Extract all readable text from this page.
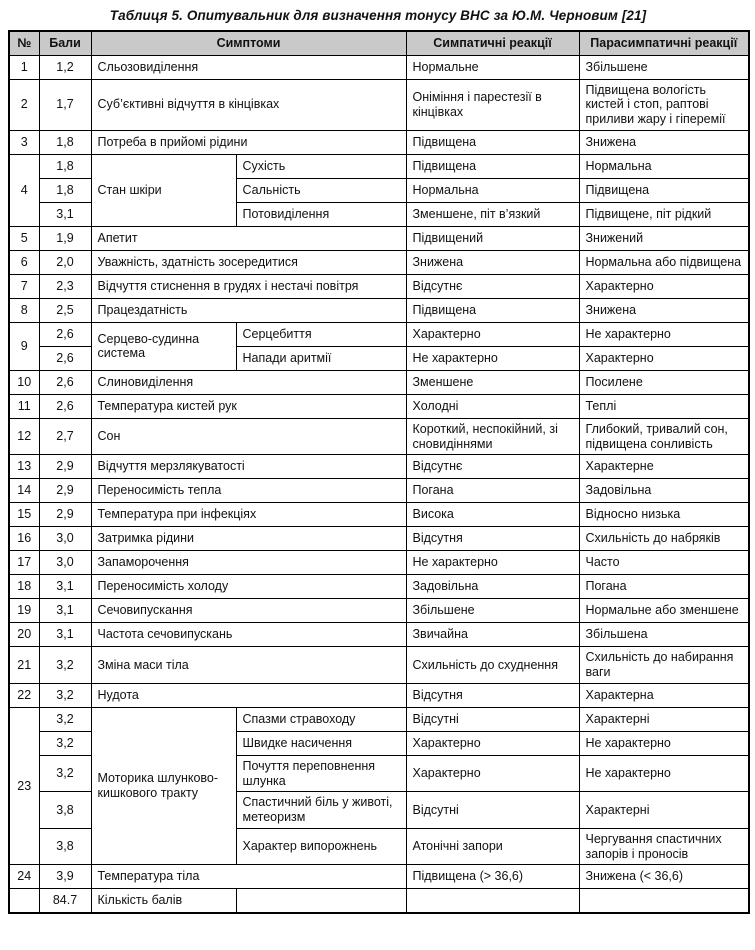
Таблиця 5. Опитувальник для визначення тонусу ВНС за Ю.М. Черновим [21]
№	Бали	Симптоми		Симпатичні реакції	Парасимпатичні реакції
1	1,2	Сльозовиділення		Нормальне	Збільшене
2	1,7	Суб’єктивні відчуття в кінцівках		Оніміння і парестезії в кінцівках	Підвищена вологість кистей і стоп, раптові приливи жару і гіперемії
3	1,8	Потреба в прийомі рідини		Підвищена	Знижена
4	1,8	Стан шкіри	Сухість	Підвищена	Нормальна
	1,8		Сальність	Нормальна	Підвищена
	3,1		Потовиділення	Зменшене, піт в’язкий	Підвищене, піт рідкий
5	1,9	Апетит		Підвищений	Знижений
6	2,0	Уважність, здатність зосередитися		Знижена	Нормальна або підвищена
7	2,3	Відчуття стиснення в грудях і нестачі повітря		Відсутнє	Характерно
8	2,5	Працездатність		Підвищена	Знижена
9	2,6	Серцево-судинна система	Серцебиття	Характерно	Не характерно
	2,6		Напади аритмії	Не характерно	Характерно
10	2,6	Слиновиділення		Зменшене	Посилене
11	2,6	Температура кистей рук		Холодні	Теплі
12	2,7	Сон		Короткий, неспокійний, зі сновидіннями	Глибокий, тривалий сон, підвищена сонливість
13	2,9	Відчуття мерзлякуватості		Відсутнє	Характерне
14	2,9	Переносимість тепла		Погана	Задовільна
15	2,9	Температура при інфекціях		Висока	Відносно низька
16	3,0	Затримка рідини		Відсутня	Схильність до набряків
17	3,0	Запаморочення		Не характерно	Часто
18	3,1	Переносимість холоду		Задовільна	Погана
19	3,1	Сечовипускання		Збільшене	Нормальне або зменшене
20	3,1	Частота сечовипускань		Звичайна	Збільшена
21	3,2	Зміна маси тіла		Схильність до схуднення	Схильність до набирання ваги
22	3,2	Нудота		Відсутня	Характерна
23	3,2	Моторика шлунково-кишкового тракту	Спазми стравоходу	Відсутні	Характерні
	3,2		Швидке насичення	Характерно	Не характерно
	3,2		Почуття переповнення шлунка	Характерно	Не характерно
	3,8		Спастичний біль у животі, метеоризм	Відсутні	Характерні
	3,8		Характер випорожнень	Атонічні запори	Чергування спастичних запорів і проносів
24	3,9	Температура тіла		Підвищена (> 36,6)	Знижена (< 36,6)
	84.7	Кількість балів			
